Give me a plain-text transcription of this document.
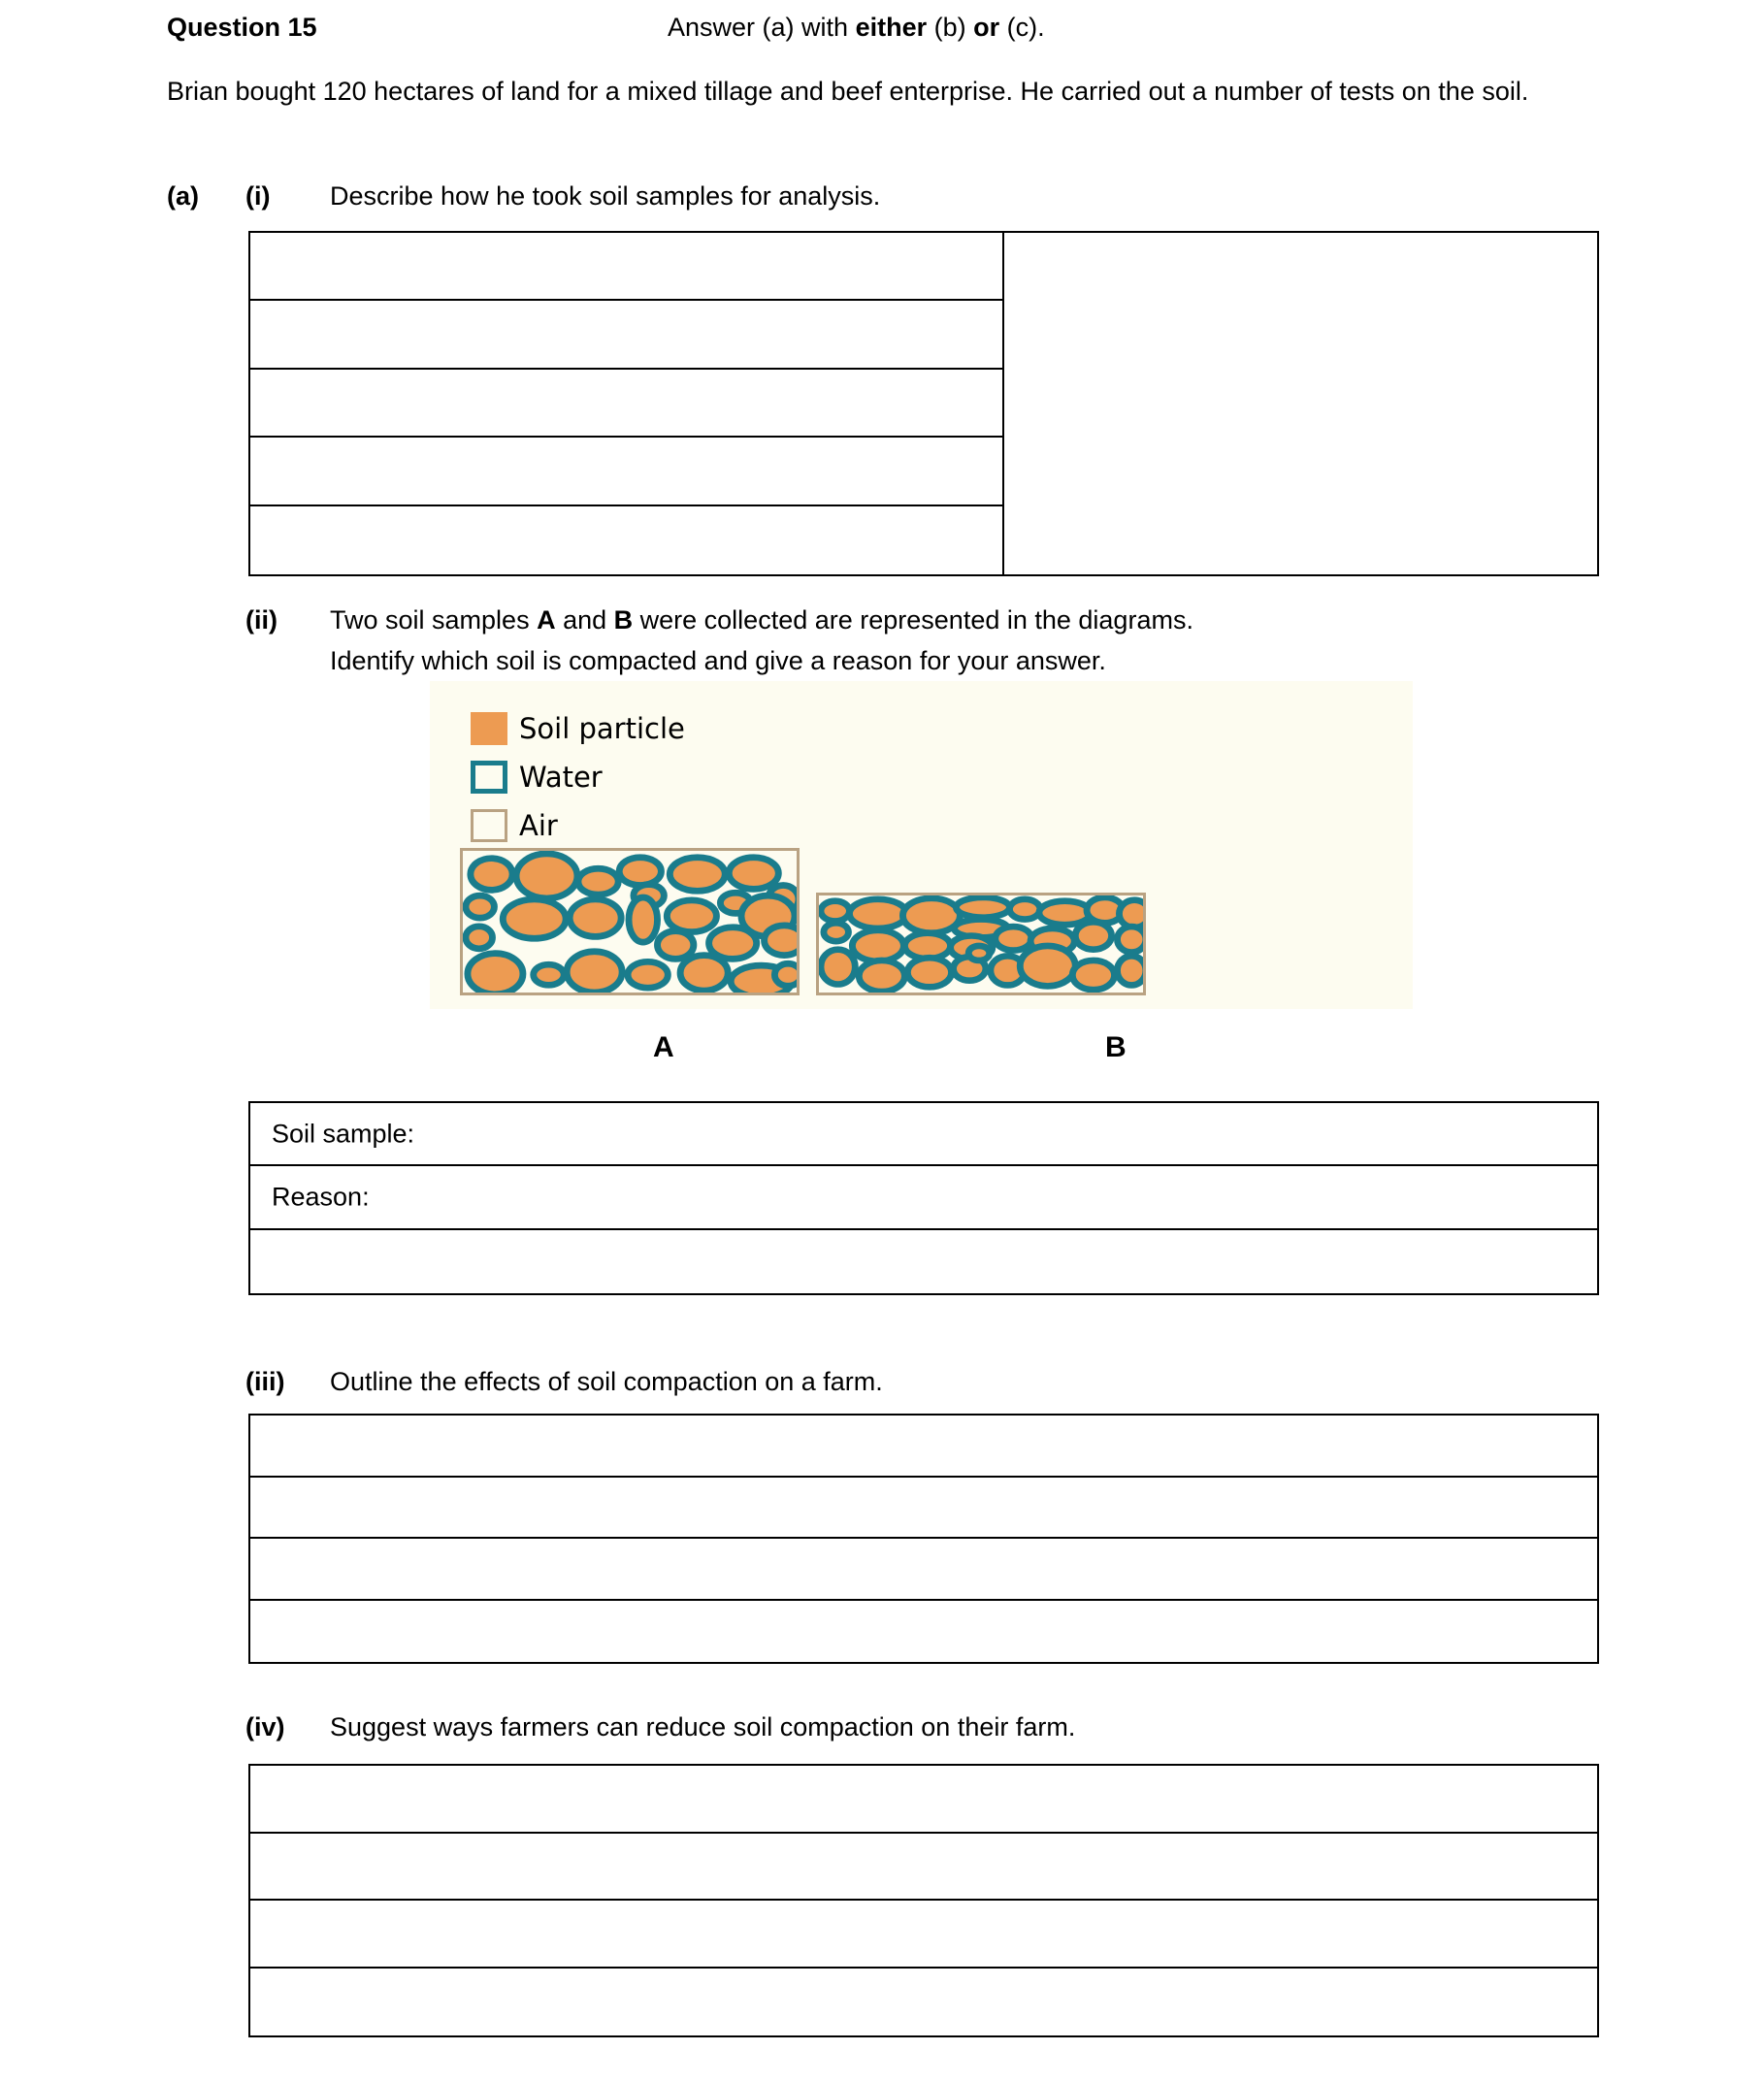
Question 15	Answer (a) with either (b) or (c).
Brian bought 120 hectares of land for a mixed tillage and beef enterprise. He carried out a number of tests on the soil.
(a) (i) Describe how he took soil samples for analysis.
(ii) Two soil samples A and B were collected are represented in the diagrams.
Identify which soil is compacted and give a reason for your answer.
Soil particle
Water
Air
A	B
Soil sample:
Reason:
(iii) Outline the effects of soil compaction on a farm.
(iv) Suggest ways farmers can reduce soil compaction on their farm.
